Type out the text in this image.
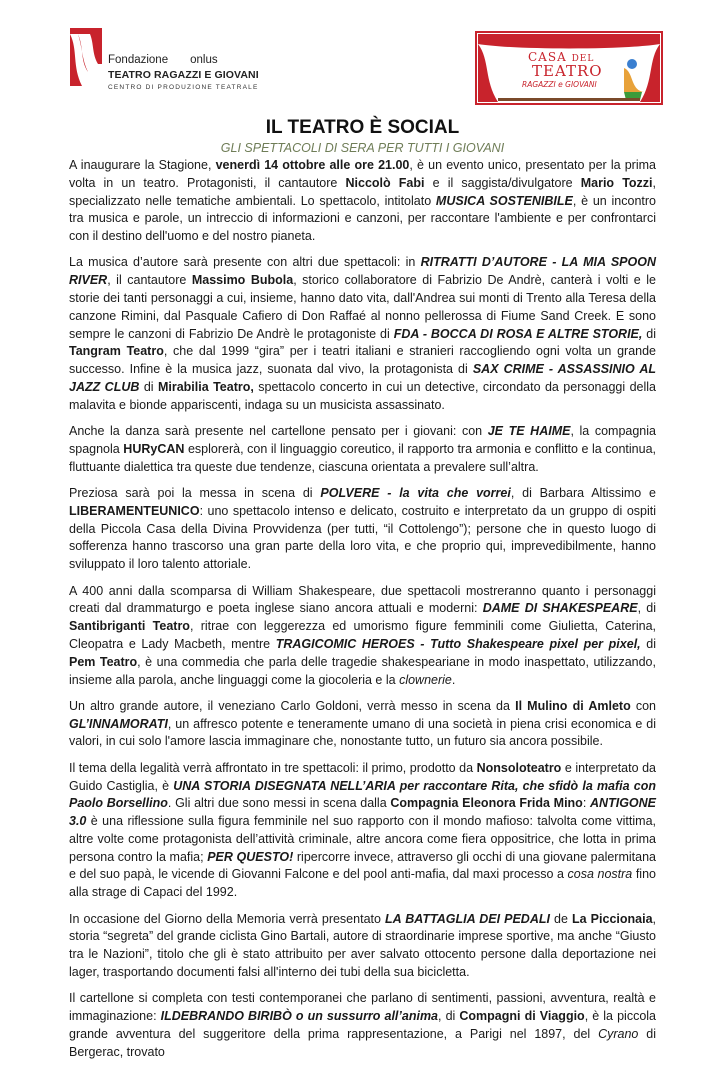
Fondazione onlus
TEATRO RAGAZZI E GIOVANI
CENTRO DI PRODUZIONE TEATRALE
CASA DEL
TEATRO
RAGAZZI e GIOVANI
IL TEATRO È SOCIAL
GLI SPETTACOLI DI SERA PER TUTTI I GIOVANI

A inaugurare la Stagione, venerdì 14 ottobre alle ore 21.00, è un evento unico, presentato per la prima volta in un teatro. Protagonisti, il cantautore Niccolò Fabi e il saggista/divulgatore Mario Tozzi, specializzato nelle tematiche ambientali. Lo spettacolo, intitolato MUSICA SOSTENIBILE, è un incontro tra musica e parole, un intreccio di informazioni e canzoni, per raccontare l'ambiente e per confrontarci con il destino dell'uomo e del nostro pianeta.

La musica d’autore sarà presente con altri due spettacoli: in RITRATTI D’AUTORE - LA MIA SPOON RIVER, il cantautore Massimo Bubola, storico collaboratore di Fabrizio De Andrè, canterà i volti e le storie dei tanti personaggi a cui, insieme, hanno dato vita, dall'Andrea sui monti di Trento alla Teresa della canzone Rimini, dal Pasquale Cafiero di Don Raffaé al nonno pellerossa di Fiume Sand Creek. E sono sempre le canzoni di Fabrizio De Andrè le protagoniste di FDA - BOCCA DI ROSA E ALTRE STORIE, di Tangram Teatro, che dal 1999 “gira” per i teatri italiani e stranieri raccogliendo ogni volta un grande successo. Infine è la musica jazz, suonata dal vivo, la protagonista di SAX CRIME - ASSASSINIO AL JAZZ CLUB di Mirabilia Teatro, spettacolo concerto in cui un detective, circondato da personaggi della malavita e bionde appariscenti, indaga su un musicista assassinato.

Anche la danza sarà presente nel cartellone pensato per i giovani: con JE TE HAIME, la compagnia spagnola HURyCAN esplorerà, con il linguaggio coreutico, il rapporto tra armonia e conflitto e la continua, fluttuante dialettica tra queste due tendenze, ciascuna orientata a prevalere sull’altra.

Preziosa sarà poi la messa in scena di POLVERE - la vita che vorrei, di Barbara Altissimo e LIBERAMENTEUNICO: uno spettacolo intenso e delicato, costruito e interpretato da un gruppo di ospiti della Piccola Casa della Divina Provvidenza (per tutti, “il Cottolengo”); persone che in questo luogo di sofferenza hanno trascorso una gran parte della loro vita, e che proprio qui, imprevedibilmente, hanno sviluppato il loro talento attoriale.

A 400 anni dalla scomparsa di William Shakespeare, due spettacoli mostreranno quanto i personaggi creati dal drammaturgo e poeta inglese siano ancora attuali e moderni: DAME DI SHAKESPEARE, di Santibriganti Teatro, ritrae con leggerezza ed umorismo figure femminili come Giulietta, Caterina, Cleopatra e Lady Macbeth, mentre TRAGICOMIC HEROES - Tutto Shakespeare pixel per pixel, di Pem Teatro, è una commedia che parla delle tragedie shakespeariane in modo inaspettato, utilizzando, insieme alla parola, anche linguaggi come la giocoleria e la clownerie.

Un altro grande autore, il veneziano Carlo Goldoni, verrà messo in scena da Il Mulino di Amleto con GL’INNAMORATI, un affresco potente e teneramente umano di una società in piena crisi economica e di valori, in cui solo l'amore lascia immaginare che, nonostante tutto, un futuro sia ancora possibile.

Il tema della legalità verrà affrontato in tre spettacoli: il primo, prodotto da Nonsoloteatro e interpretato da Guido Castiglia, è UNA STORIA DISEGNATA NELL’ARIA per raccontare Rita, che sfidò la mafia con Paolo Borsellino. Gli altri due sono messi in scena dalla Compagnia Eleonora Frida Mino: ANTIGONE 3.0 è una riflessione sulla figura femminile nel suo rapporto con il mondo mafioso: talvolta come vittima, altre volte come protagonista dell’attività criminale, altre ancora come fiera oppositrice, che lotta in prima persona contro la mafia; PER QUESTO! ripercorre invece, attraverso gli occhi di una giovane palermitana e del suo papà, le vicende di Giovanni Falcone e del pool anti-mafia, dal maxi processo a cosa nostra fino alla strage di Capaci del 1992.

In occasione del Giorno della Memoria verrà presentato LA BATTAGLIA DEI PEDALI de La Piccionaia, storia “segreta” del grande ciclista Gino Bartali, autore di straordinarie imprese sportive, ma anche “Giusto tra le Nazioni”, titolo che gli è stato attribuito per aver salvato ottocento persone dalla deportazione nei lager, trasportando documenti falsi all'interno dei tubi della sua bicicletta.

Il cartellone si completa con testi contemporanei che parlano di sentimenti, passioni, avventura, realtà e immaginazione: ILDEBRANDO BIRIBÒ o un sussurro all’anima, di Compagni di Viaggio, è la piccola grande avventura del suggeritore della prima rappresentazione, a Parigi nel 1897, del Cyrano di Bergerac, trovato
